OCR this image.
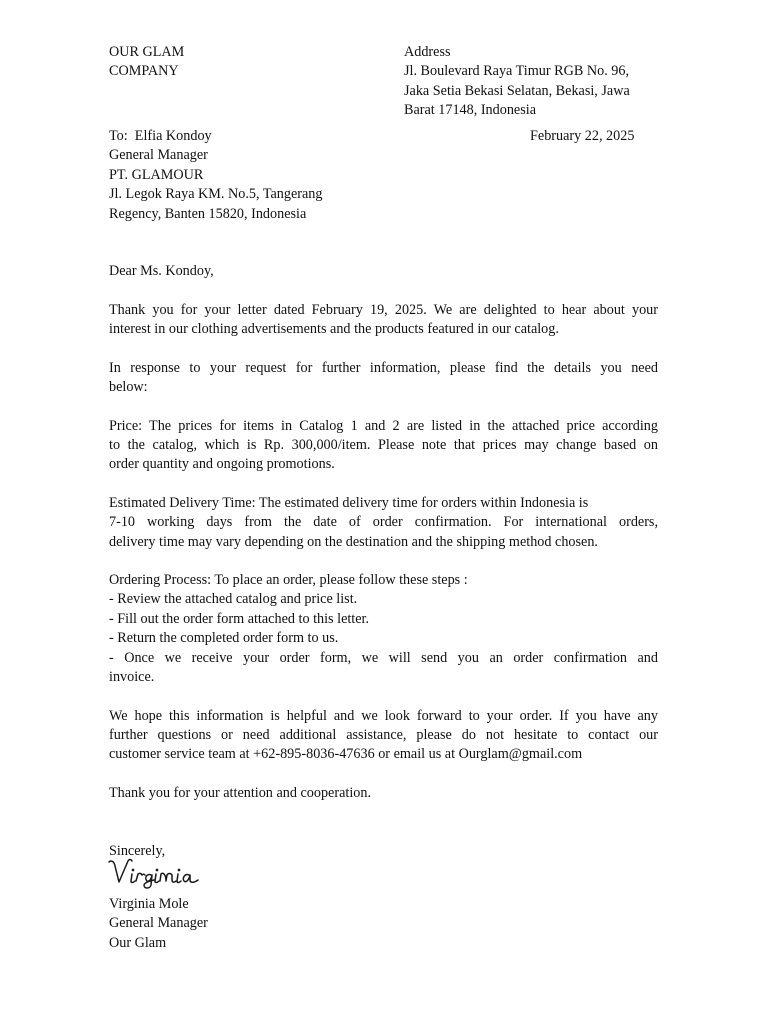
OUR GLAM
COMPANY
Address
Jl. Boulevard Raya Timur RGB No. 96,
Jaka Setia Bekasi Selatan, Bekasi, Jawa
Barat 17148, Indonesia
To:  Elfia Kondoy
General Manager
PT. GLAMOUR
Jl. Legok Raya KM. No.5, Tangerang
Regency, Banten 15820, Indonesia
February 22, 2025
Dear Ms. Kondoy,
Thank you for your letter dated February 19, 2025. We are delighted to hear about your
interest in our clothing advertisements and the products featured in our catalog.
In response to your request for further information, please find the details you need
below:
Price: The prices for items in Catalog 1 and 2 are listed in the attached price according
to the catalog, which is Rp. 300,000/item. Please note that prices may change based on
order quantity and ongoing promotions.
Estimated Delivery Time: The estimated delivery time for orders within Indonesia is
7-10 working days from the date of order confirmation. For international orders,
delivery time may vary depending on the destination and the shipping method chosen.
Ordering Process: To place an order, please follow these steps :
- Review the attached catalog and price list.
- Fill out the order form attached to this letter.
- Return the completed order form to us.
- Once we receive your order form, we will send you an order confirmation and
invoice.
We hope this information is helpful and we look forward to your order. If you have any
further questions or need additional assistance, please do not hesitate to contact our
customer service team at +62-895-8036-47636 or email us at Ourglam@gmail.com
Thank you for your attention and cooperation.
Sincerely,
Virginia Mole
General Manager
Our Glam
